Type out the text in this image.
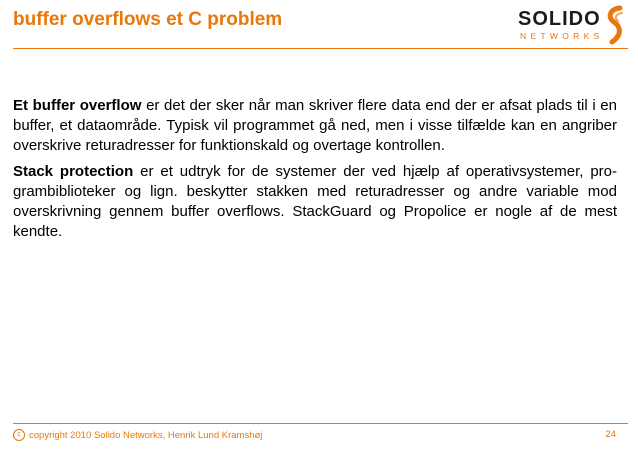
buffer overflows et C problem	SOLIDO
NETWORKS

Et buffer overflow er det der sker når man skriver flere data end der er afsat plads til i en buffer, et dataområde. Typisk vil programmet gå ned, men i visse tilfælde kan en angriber overskrive returadresser for funktionskald og overtage kontrollen.

Stack protection er et udtryk for de systemer der ved hjælp af operativsystemer, pro-grambiblioteker og lign. beskytter stakken med returadresser og andre variable mod overskrivning gennem buffer overflows. StackGuard og Propolice er nogle af de mest kendte.

c copyright 2010 Solido Networks, Henrik Lund Kramshøj	24
